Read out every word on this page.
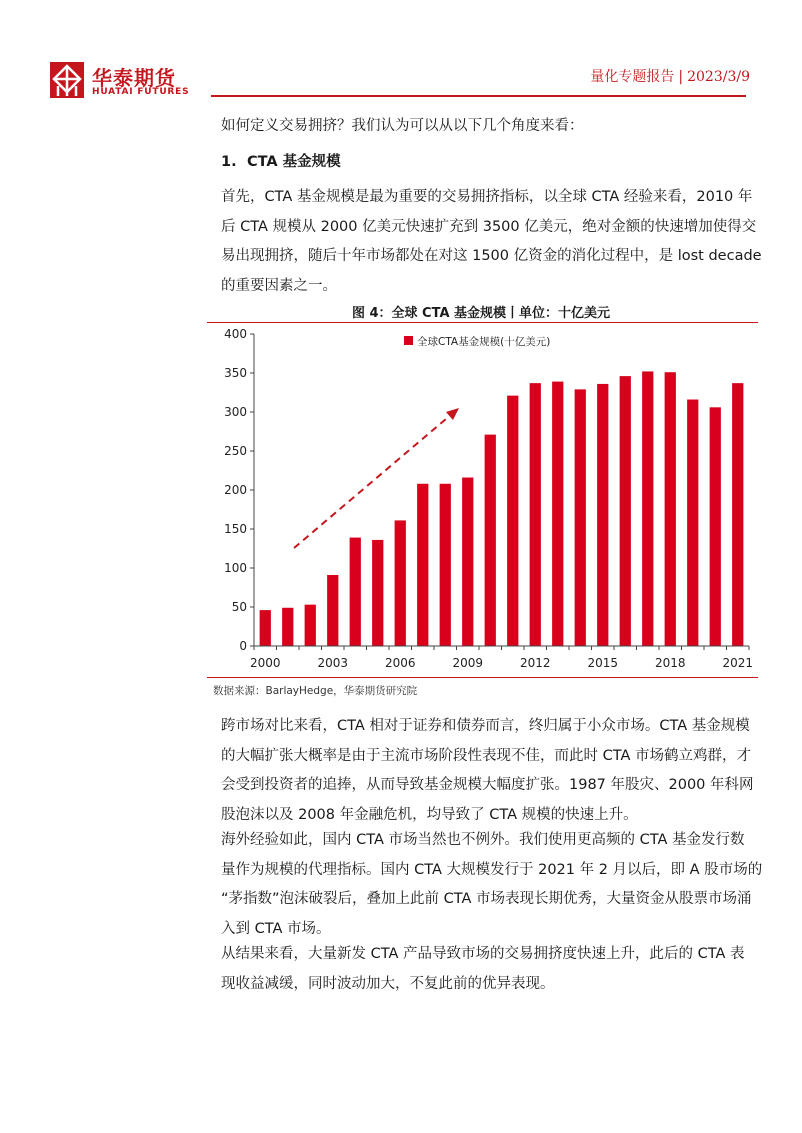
华泰期货
HUATAI FUTURES
量化专题报告 | 2023/3/9
如何定义交易拥挤？我们认为可以从以下几个角度来看：
1. CTA 基金规模
首先，CTA 基金规模是最为重要的交易拥挤指标，以全球 CTA 经验来看，2010 年
后 CTA 规模从 2000 亿美元快速扩充到 3500 亿美元，绝对金额的快速增加使得交
易出现拥挤，随后十年市场都处在对这 1500 亿资金的消化过程中，是 lost decade
的重要因素之一。
图 4：全球 CTA 基金规模丨单位：十亿美元
0
50
100
150
200
250
300
350
400
2000	2003	2006	2009	2012	2015	2018	2021
全球CTA基金规模(十亿美元)
数据来源：BarlayHedge，华泰期货研究院
跨市场对比来看，CTA 相对于证券和债券而言，终归属于小众市场。CTA 基金规模
的大幅扩张大概率是由于主流市场阶段性表现不佳，而此时 CTA 市场鹤立鸡群，才
会受到投资者的追捧，从而导致基金规模大幅度扩张。1987 年股灾、2000 年科网
股泡沫以及 2008 年金融危机，均导致了 CTA 规模的快速上升。
海外经验如此，国内 CTA 市场当然也不例外。我们使用更高频的 CTA 基金发行数
量作为规模的代理指标。国内 CTA 大规模发行于 2021 年 2 月以后，即 A 股市场的
“茅指数”泡沫破裂后，叠加上此前 CTA 市场表现长期优秀，大量资金从股票市场涌
入到 CTA 市场。
从结果来看，大量新发 CTA 产品导致市场的交易拥挤度快速上升，此后的 CTA 表
现收益减缓，同时波动加大，不复此前的优异表现。
